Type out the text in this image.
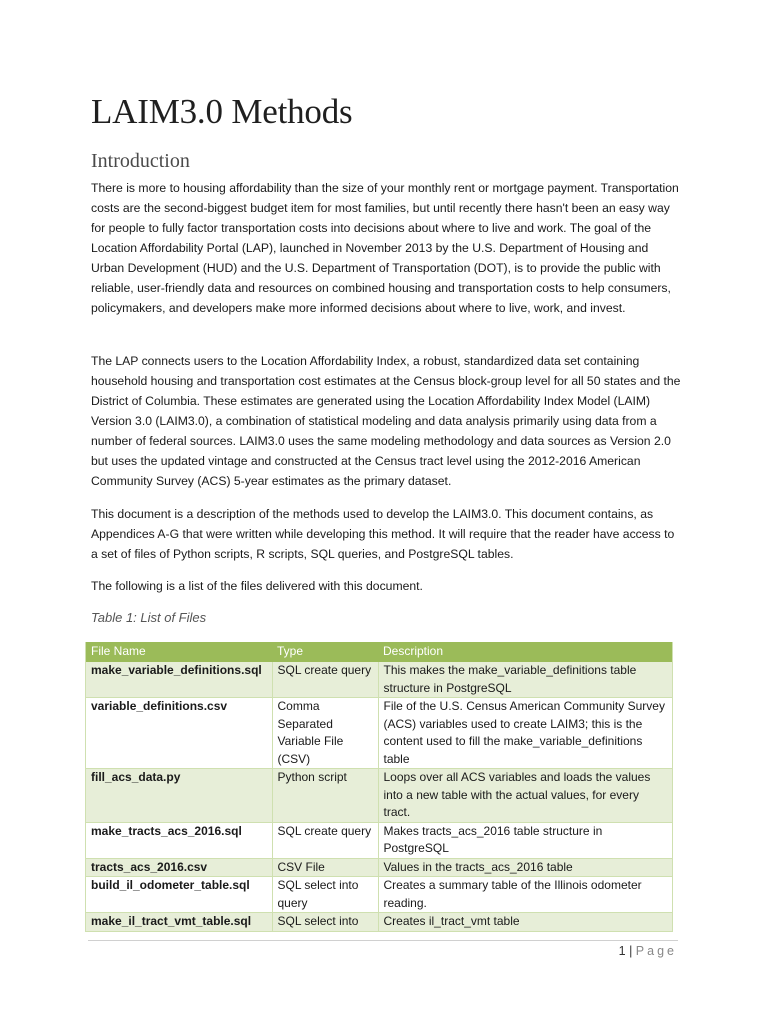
LAIM3.0 Methods
Introduction

There is more to housing affordability than the size of your monthly rent or mortgage payment. Transportation costs are the second-biggest budget item for most families, but until recently there hasn't been an easy way for people to fully factor transportation costs into decisions about where to live and work. The goal of the Location Affordability Portal (LAP), launched in November 2013 by the U.S. Department of Housing and Urban Development (HUD) and the U.S. Department of Transportation (DOT), is to provide the public with reliable, user-friendly data and resources on combined housing and transportation costs to help consumers, policymakers, and developers make more informed decisions about where to live, work, and invest.

The LAP connects users to the Location Affordability Index, a robust, standardized data set containing household housing and transportation cost estimates at the Census block-group level for all 50 states and the District of Columbia. These estimates are generated using the Location Affordability Index Model (LAIM) Version 3.0 (LAIM3.0), a combination of statistical modeling and data analysis primarily using data from a number of federal sources. LAIM3.0 uses the same modeling methodology and data sources as Version 2.0 but uses the updated vintage and constructed at the Census tract level using the 2012-2016 American Community Survey (ACS) 5-year estimates as the primary dataset.

This document is a description of the methods used to develop the LAIM3.0. This document contains, as Appendices A-G that were written while developing this method. It will require that the reader have access to a set of files of Python scripts, R scripts, SQL queries, and PostgreSQL tables.

The following is a list of the files delivered with this document.

Table 1: List of Files

File Name	Type	Description
make_variable_definitions.sql	SQL create query	This makes the make_variable_definitions table structure in PostgreSQL
variable_definitions.csv	Comma Separated Variable File (CSV)	File of the U.S. Census American Community Survey (ACS) variables used to create LAIM3; this is the content used to fill the make_variable_definitions table
fill_acs_data.py	Python script	Loops over all ACS variables and loads the values into a new table with the actual values, for every tract.
make_tracts_acs_2016.sql	SQL create query	Makes tracts_acs_2016 table structure in PostgreSQL
tracts_acs_2016.csv	CSV File	Values in the tracts_acs_2016 table
build_il_odometer_table.sql	SQL select into query	Creates a summary table of the Illinois odometer reading.
make_il_tract_vmt_table.sql	SQL select into	Creates il_tract_vmt table
1 | Page
